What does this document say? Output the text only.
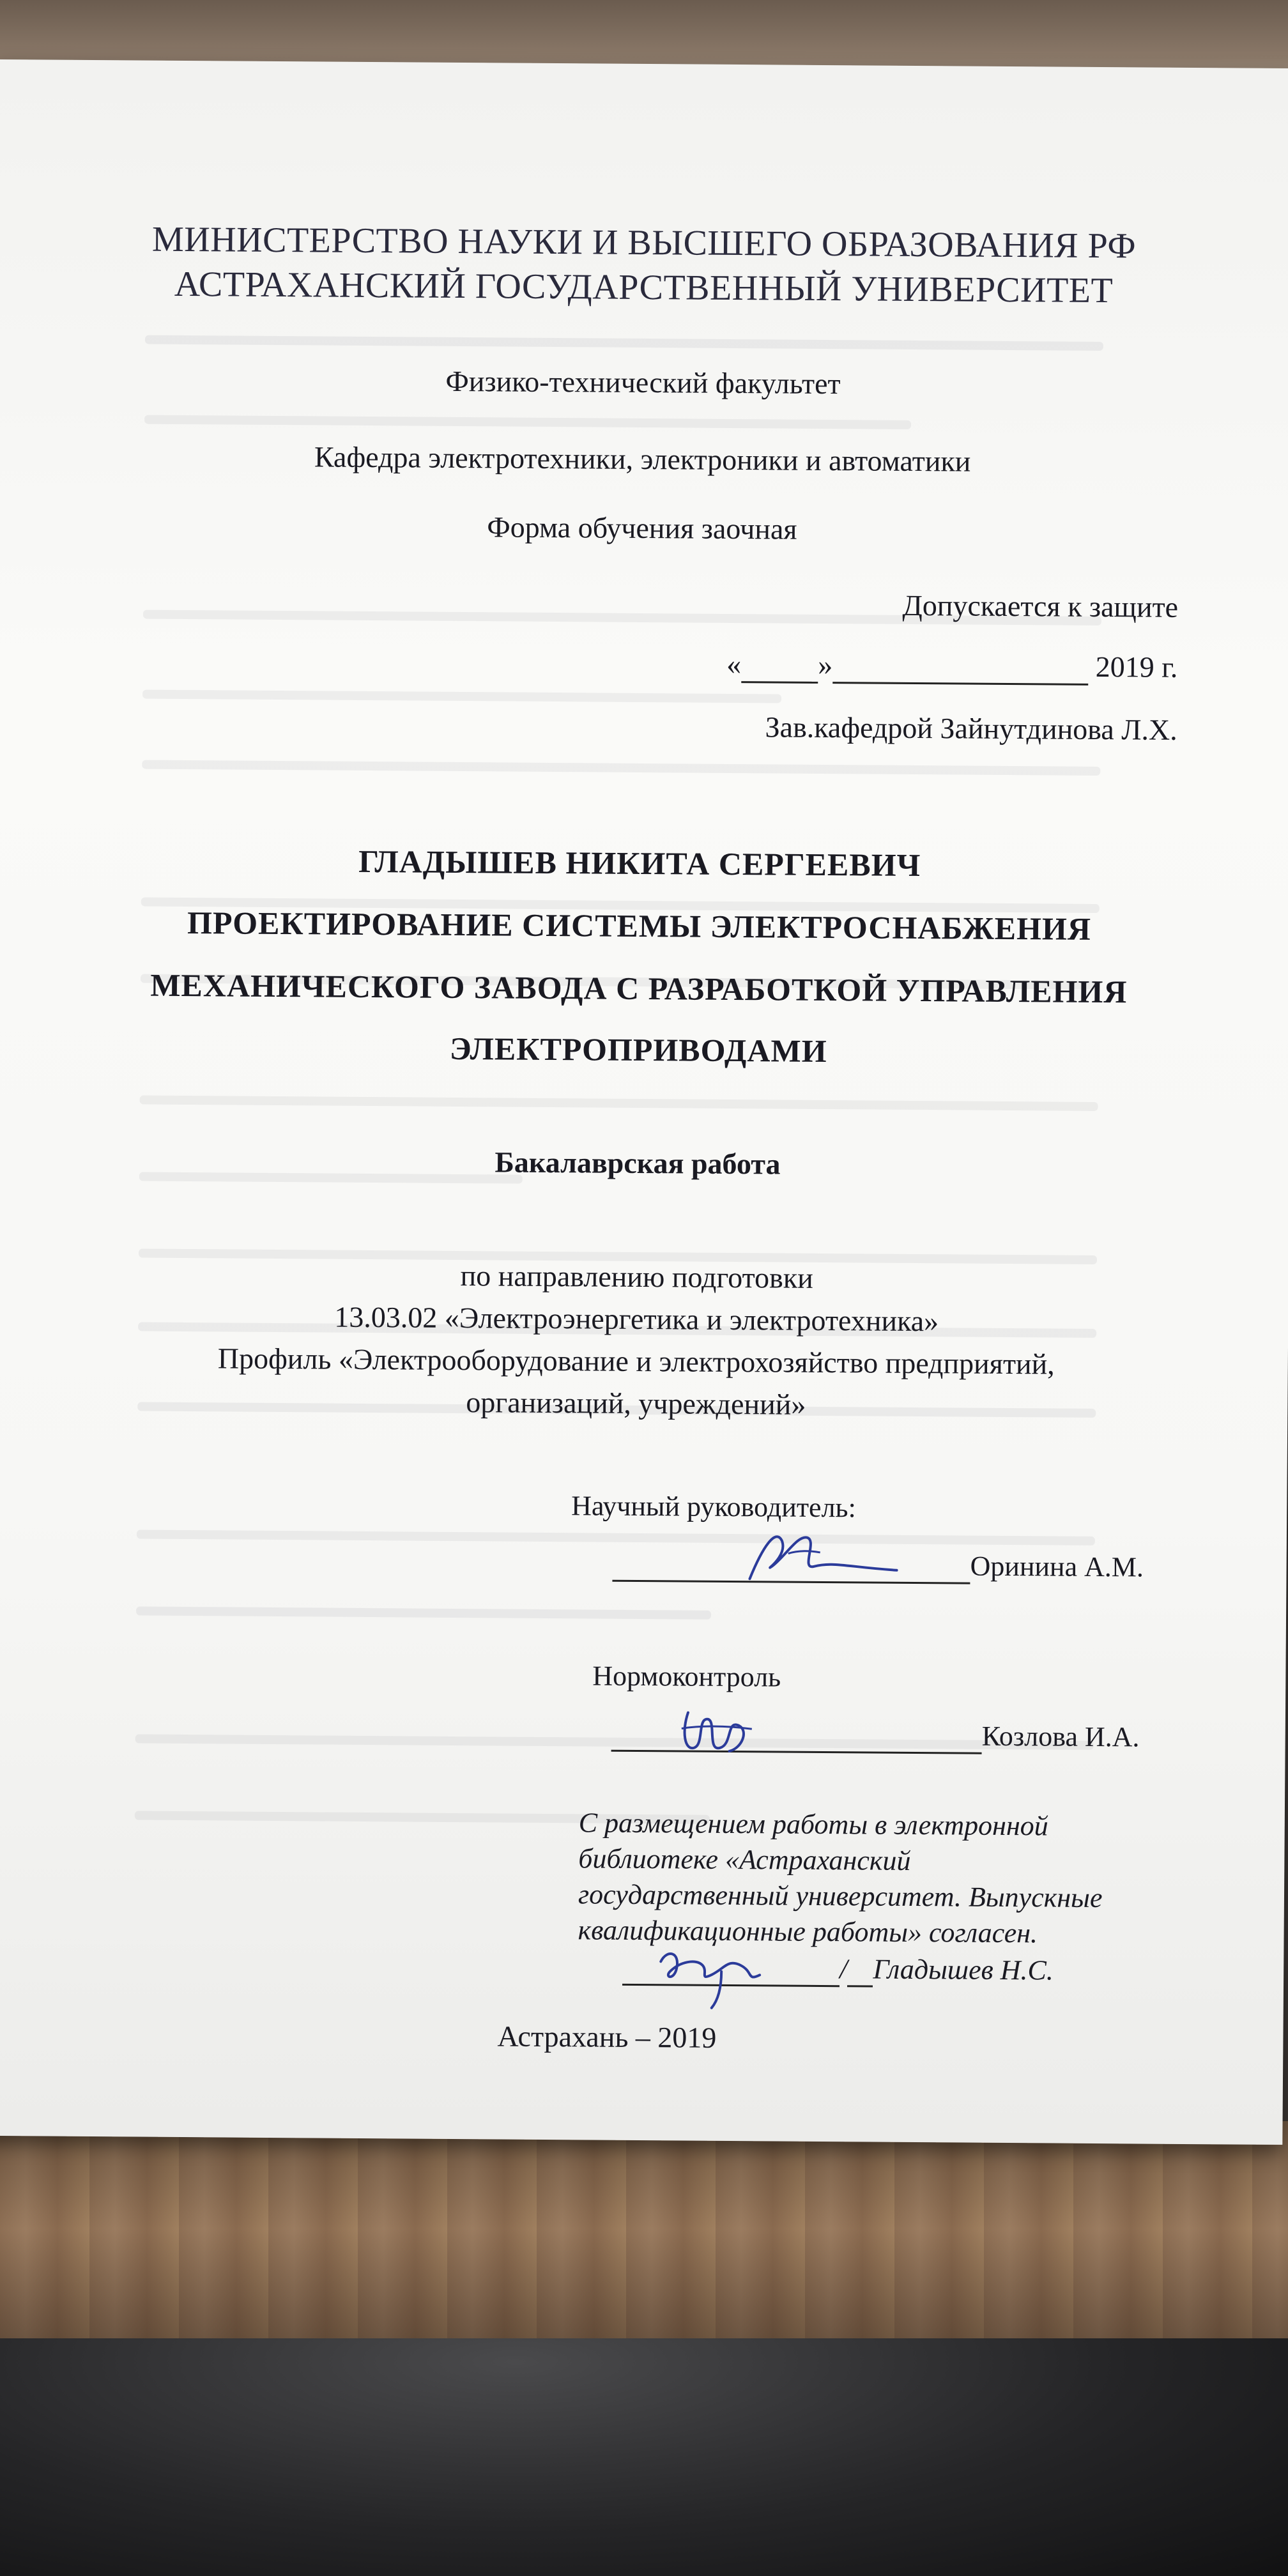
МИНИСТЕРСТВО НАУКИ И ВЫСШЕГО ОБРАЗОВАНИЯ РФ
АСТРАХАНСКИЙ ГОСУДАРСТВЕННЫЙ УНИВЕРСИТЕТ
Физико-технический факультет
Кафедра электротехники, электроники и автоматики
Форма обучения заочная
Допускается к защите
«	»	2019 г.
Зав.кафедрой Зайнутдинова Л.Х.
ГЛАДЫШЕВ НИКИТА СЕРГЕЕВИЧ
ПРОЕКТИРОВАНИЕ СИСТЕМЫ ЭЛЕКТРОСНАБЖЕНИЯ
МЕХАНИЧЕСКОГО ЗАВОДА С РАЗРАБОТКОЙ УПРАВЛЕНИЯ
ЭЛЕКТРОПРИВОДАМИ
Бакалаврская работа
по направлению подготовки
13.03.02 «Электроэнергетика и электротехника»
Профиль «Электрооборудование и электрохозяйство предприятий,
организаций, учреждений»
Научный руководитель:
Оринина А.М.
Нормоконтроль
Козлова И.А.
С размещением работы в электронной
библиотеке «Астраханский
государственный университет. Выпускные
квалификационные работы» согласен.
/ Гладышев Н.С.
Астрахань – 2019
